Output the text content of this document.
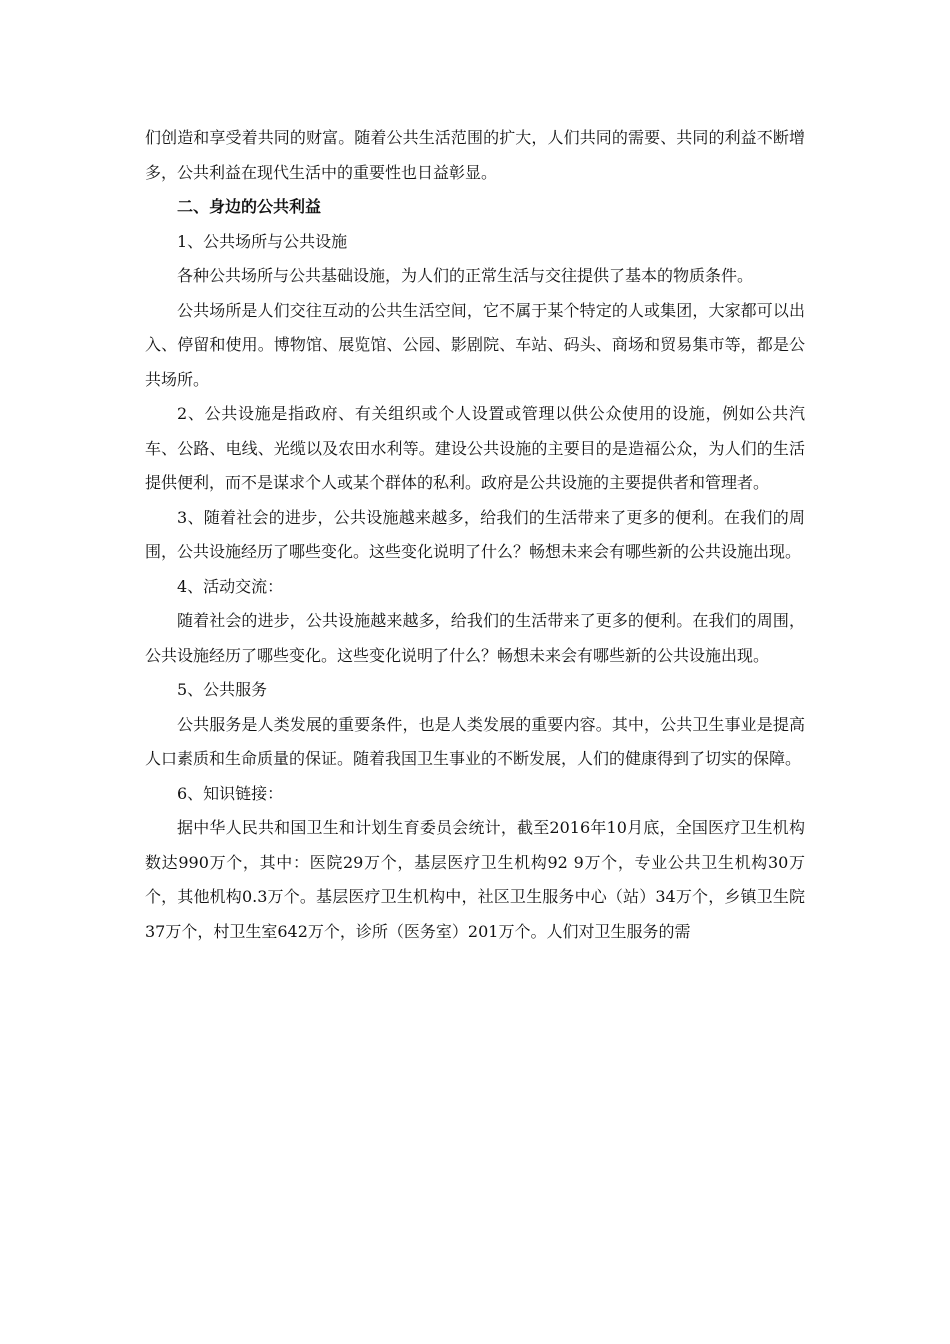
们创造和享受着共同的财富。随着公共生活范围的扩大，人们共同的需要、共同的利益不断增多，公共利益在现代生活中的重要性也日益彰显。

二、身边的公共利益

1、公共场所与公共设施

各种公共场所与公共基础设施，为人们的正常生活与交往提供了基本的物质条件。

公共场所是人们交往互动的公共生活空间，它不属于某个特定的人或集团，大家都可以出入、停留和使用。博物馆、展览馆、公园、影剧院、车站、码头、商场和贸易集市等，都是公共场所。

2、公共设施是指政府、有关组织或个人设置或管理以供公众使用的设施，例如公共汽车、公路、电线、光缆以及农田水利等。建设公共设施的主要目的是造福公众，为人们的生活提供便利，而不是谋求个人或某个群体的私利。政府是公共设施的主要提供者和管理者。

3、随着社会的进步，公共设施越来越多，给我们的生活带来了更多的便利。在我们的周围，公共设施经历了哪些变化。这些变化说明了什么？畅想未来会有哪些新的公共设施出现。

4、活动交流：

随着社会的进步，公共设施越来越多，给我们的生活带来了更多的便利。在我们的周围，公共设施经历了哪些变化。这些变化说明了什么？畅想未来会有哪些新的公共设施出现。

5、公共服务

公共服务是人类发展的重要条件，也是人类发展的重要内容。其中，公共卫生事业是提高人口素质和生命质量的保证。随着我国卫生事业的不断发展，人们的健康得到了切实的保障。

6、知识链接：

据中华人民共和国卫生和计划生育委员会统计，截至2016年10月底，全国医疗卫生机构数达990万个，其中：医院29万个，基层医疗卫生机构92 9万个，专业公共卫生机构30万个，其他机构0.3万个。基层医疗卫生机构中，社区卫生服务中心（站）34万个，乡镇卫生院37万个，村卫生室642万个，诊所（医务室）201万个。人们对卫生服务的需
